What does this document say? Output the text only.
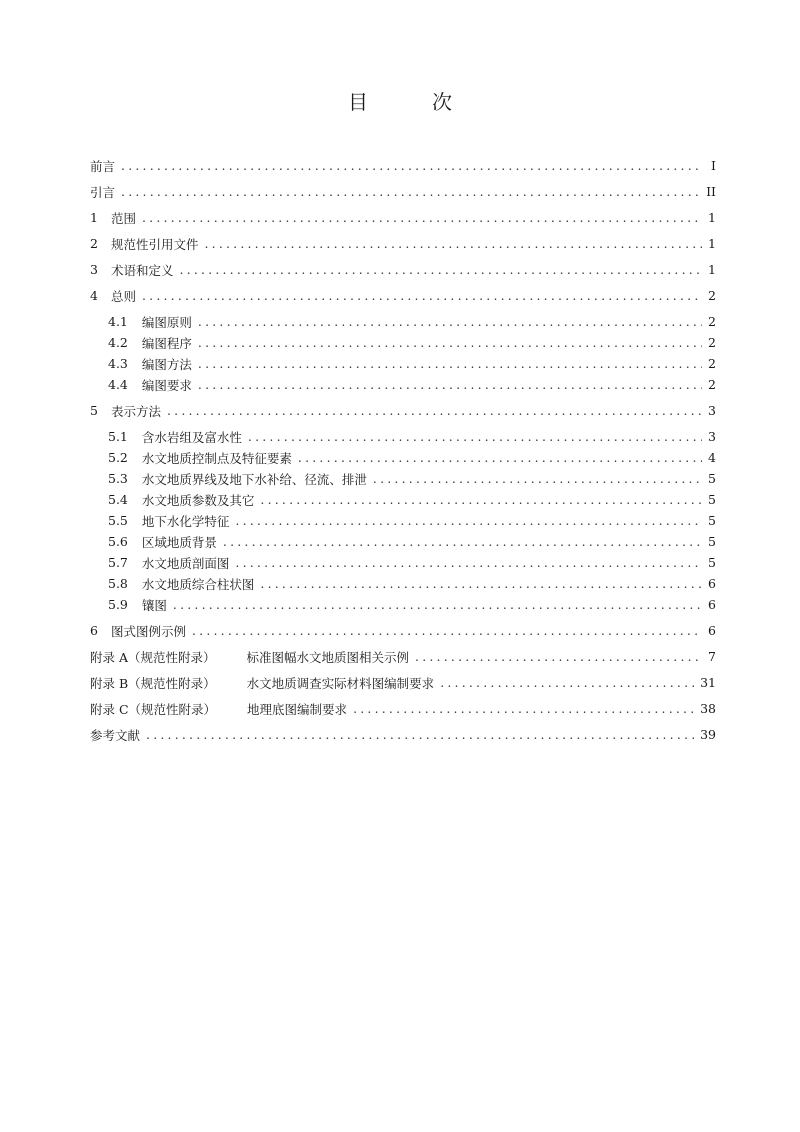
目　次
前言 .....	I
引言 .....	II
1 范围 .....	1
2 规范性引用文件 .....	1
3 术语和定义 .....	1
4 总则 .....	2
4.1 编图原则 .....	2
4.2 编图程序 .....	2
4.3 编图方法 .....	2
4.4 编图要求 .....	2
5 表示方法 .....	3
5.1 含水岩组及富水性 .....	3
5.2 水文地质控制点及特征要素 .....	4
5.3 水文地质界线及地下水补给、径流、排泄 .....	5
5.4 水文地质参数及其它 .....	5
5.5 地下水化学特征 .....	5
5.6 区域地质背景 .....	5
5.7 水文地质剖面图 .....	5
5.8 水文地质综合柱状图 .....	6
5.9 镶图 .....	6
6 图式图例示例 .....	6
附录 A（规范性附录） 标准图幅水文地质图相关示例 .....	7
附录 B（规范性附录） 水文地质调查实际材料图编制要求 .....	31
附录 C（规范性附录） 地理底图编制要求 .....	38
参考文献 .....	39
